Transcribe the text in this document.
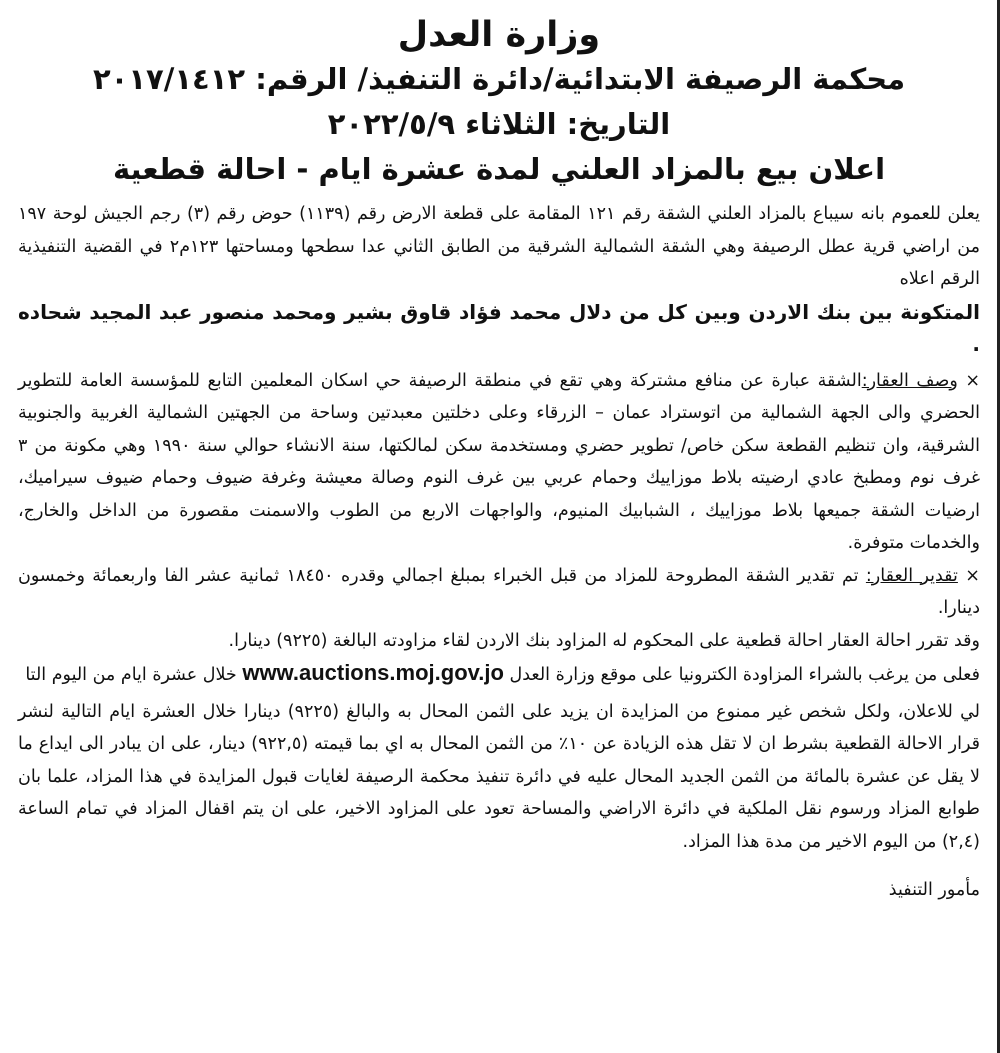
وزارة العدل
محكمة الرصيفة الابتدائية/دائرة التنفيذ/ الرقم: ٢٠١٧/١٤١٢
التاريخ: الثلاثاء ٢٠٢٢/٥/٩
اعلان بيع بالمزاد العلني لمدة عشرة ايام - احالة قطعية

يعلن للعموم بانه سيباع بالمزاد العلني الشقة رقم ١٢١ المقامة على قطعة الارض رقم (١١٣٩) حوض رقم (٣) رجم الجيش لوحة ١٩٧ من اراضي قرية عطل الرصيفة وهي الشقة الشمالية الشرقية من الطابق الثاني عدا سطحها ومساحتها ١٢٣م٢ في القضية التنفيذية الرقم اعلاه

المتكونة بين بنك الاردن وبين كل من دلال محمد فؤاد قاوق بشير ومحمد منصور عبد المجيد شحاده .

× وصف العقار:الشقة عبارة عن منافع مشتركة وهي تقع في منطقة الرصيفة حي اسكان المعلمين التابع للمؤسسة العامة للتطوير الحضري والى الجهة الشمالية من اتوستراد عمان – الزرقاء وعلى دخلتين معبدتين وساحة من الجهتين الشمالية الغربية والجنوبية الشرقية، وان تنظيم القطعة سكن خاص/ تطوير حضري ومستخدمة سكن لمالكتها، سنة الانشاء حوالي سنة ١٩٩٠ وهي مكونة من ٣ غرف نوم ومطبخ عادي ارضيته بلاط موزاييك وحمام عربي بين غرف النوم وصالة معيشة وغرفة ضيوف وحمام ضيوف سيراميك، ارضيات الشقة جميعها بلاط موزاييك ، الشبابيك المنيوم، والواجهات الاربع من الطوب والاسمنت مقصورة من الداخل والخارج، والخدمات متوفرة.

× تقدير العقار: تم تقدير الشقة المطروحة للمزاد من قبل الخبراء بمبلغ اجمالي وقدره ١٨٤٥٠ ثمانية عشر الفا واربعمائة وخمسون دينارا.

وقد تقرر احالة العقار احالة قطعية على المحكوم له المزاود بنك الاردن لقاء مزاودته البالغة (٩٢٢٥) دينارا.

فعلى من يرغب بالشراء المزاودة الكترونيا على موقع وزارة العدل www.auctions.moj.gov.jo خلال عشرة ايام من اليوم التا

لي للاعلان، ولكل شخص غير ممنوع من المزايدة ان يزيد على الثمن المحال به والبالغ (٩٢٢٥) دينارا خلال العشرة ايام التالية لنشر قرار الاحالة القطعية بشرط ان لا تقل هذه الزيادة عن ١٠٪ من الثمن المحال به اي بما قيمته (٩٢٢,٥) دينار، على ان يبادر الى ايداع ما لا يقل عن عشرة بالمائة من الثمن الجديد المحال عليه في دائرة تنفيذ محكمة الرصيفة لغايات قبول المزايدة في هذا المزاد، علما بان طوابع المزاد ورسوم نقل الملكية في دائرة الاراضي والمساحة تعود على المزاود الاخير، على ان يتم اقفال المزاد في تمام الساعة (٢,٤) من اليوم الاخير من مدة هذا المزاد.

مأمور التنفيذ
